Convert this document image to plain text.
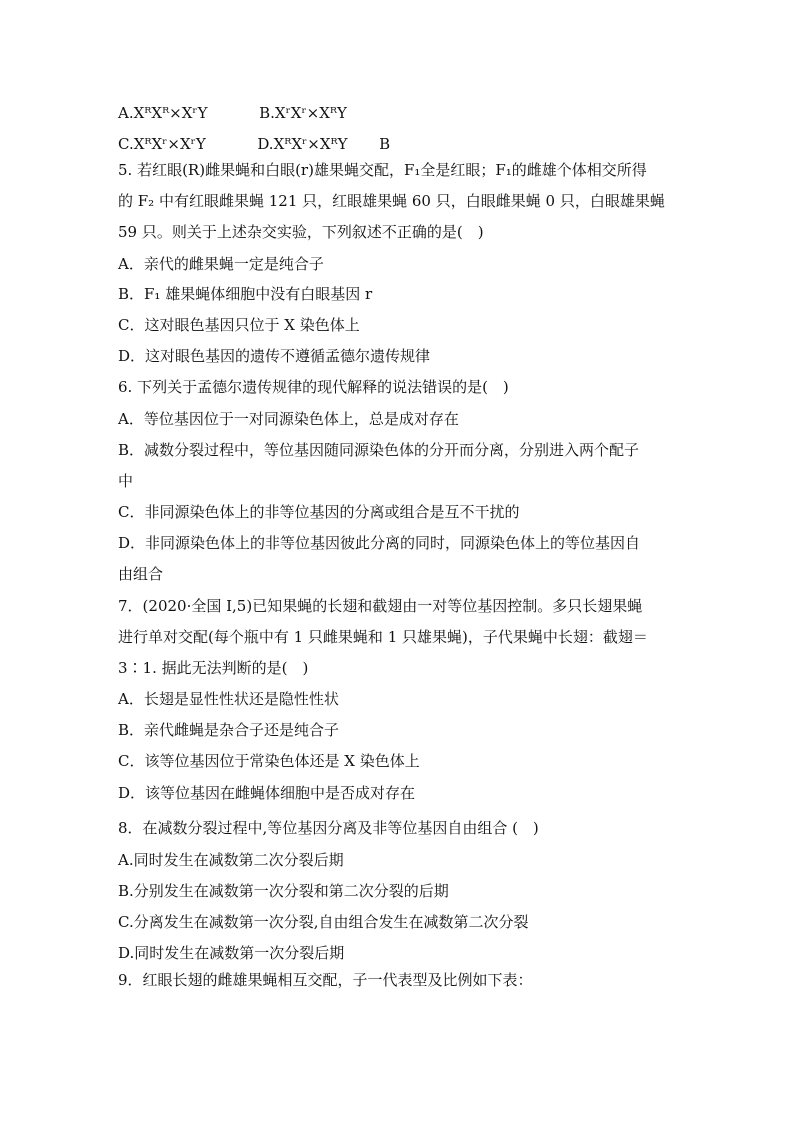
A.XᴿXᴿ×XʳY	B.XʳXʳ×XᴿY
C.XᴿXʳ×XʳY	D.XᴿXʳ×XᴿY B
5. 若红眼(R)雌果蝇和白眼(r)雄果蝇交配，F₁全是红眼；F₁的雌雄个体相交所得
的 F₂ 中有红眼雌果蝇 121 只，红眼雄果蝇 60 只，白眼雌果蝇 0 只，白眼雄果蝇
59 只。则关于上述杂交实验，下列叙述不正确的是(　)
A．亲代的雌果蝇一定是纯合子
B．F₁ 雄果蝇体细胞中没有白眼基因 r
C．这对眼色基因只位于 X 染色体上
D．这对眼色基因的遗传不遵循孟德尔遗传规律
6. 下列关于孟德尔遗传规律的现代解释的说法错误的是(　)
A．等位基因位于一对同源染色体上，总是成对存在
B．减数分裂过程中，等位基因随同源染色体的分开而分离，分别进入两个配子
中
C．非同源染色体上的非等位基因的分离或组合是互不干扰的
D．非同源染色体上的非等位基因彼此分离的同时，同源染色体上的等位基因自
由组合
7．(2020·全国 Ⅰ,5)已知果蝇的长翅和截翅由一对等位基因控制。多只长翅果蝇
进行单对交配(每个瓶中有 1 只雌果蝇和 1 只雄果蝇)，子代果蝇中长翅：截翅＝
3∶1. 据此无法判断的是(　)
A．长翅是显性性状还是隐性性状
B．亲代雌蝇是杂合子还是纯合子
C．该等位基因位于常染色体还是 X 染色体上
D．该等位基因在雌蝇体细胞中是否成对存在
8．在减数分裂过程中,等位基因分离及非等位基因自由组合 (　)
A.同时发生在减数第二次分裂后期
B.分别发生在减数第一次分裂和第二次分裂的后期
C.分离发生在减数第一次分裂,自由组合发生在减数第二次分裂
D.同时发生在减数第一次分裂后期
9．红眼长翅的雌雄果蝇相互交配，子一代表型及比例如下表：
